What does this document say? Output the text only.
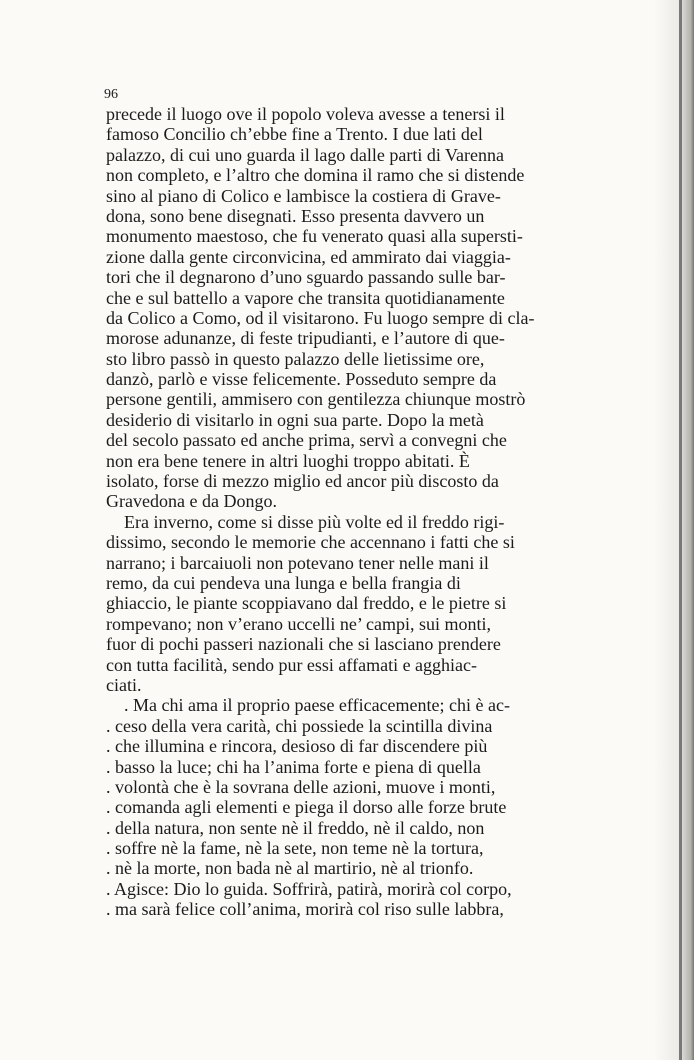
96
precede il luogo ove il popolo voleva avesse a tenersi il
famoso Concilio ch’ebbe fine a Trento. I due lati del
palazzo, di cui uno guarda il lago dalle parti di Varenna
non completo, e l’altro che domina il ramo che si distende
sino al piano di Colico e lambisce la costiera di Grave-
dona, sono bene disegnati. Esso presenta davvero un
monumento maestoso, che fu venerato quasi alla supersti-
zione dalla gente circonvicina, ed ammirato dai viaggia-
tori che il degnarono d’uno sguardo passando sulle bar-
che e sul battello a vapore che transita quotidianamente
da Colico a Como, od il visitarono. Fu luogo sempre di cla-
morose adunanze, di feste tripudianti, e l’autore di que-
sto libro passò in questo palazzo delle lietissime ore,
danzò, parlò e visse felicemente. Posseduto sempre da
persone gentili, ammisero con gentilezza chiunque mostrò
desiderio di visitarlo in ogni sua parte. Dopo la metà
del secolo passato ed anche prima, servì a convegni che
non era bene tenere in altri luoghi troppo abitati. È
isolato, forse di mezzo miglio ed ancor più discosto da
Gravedona e da Dongo.
Era inverno, come si disse più volte ed il freddo rigi-
dissimo, secondo le memorie che accennano i fatti che si
narrano; i barcaiuoli non potevano tener nelle mani il
remo, da cui pendeva una lunga e bella frangia di
ghiaccio, le piante scoppiavano dal freddo, e le pietre si
rompevano; non v’erano uccelli ne’ campi, sui monti,
fuor di pochi passeri nazionali che si lasciano prendere
con tutta facilità, sendo pur essi affamati e agghiac-
ciati.
. Ma chi ama il proprio paese efficacemente; chi è ac-
. ceso della vera carità, chi possiede la scintilla divina
. che illumina e rincora, desioso di far discendere più
. basso la luce; chi ha l’anima forte e piena di quella
. volontà che è la sovrana delle azioni, muove i monti,
. comanda agli elementi e piega il dorso alle forze brute
. della natura, non sente nè il freddo, nè il caldo, non
. soffre nè la fame, nè la sete, non teme nè la tortura,
. nè la morte, non bada nè al martirio, nè al trionfo.
. Agisce: Dio lo guida. Soffrirà, patirà, morirà col corpo,
. ma sarà felice coll’anima, morirà col riso sulle labbra,
